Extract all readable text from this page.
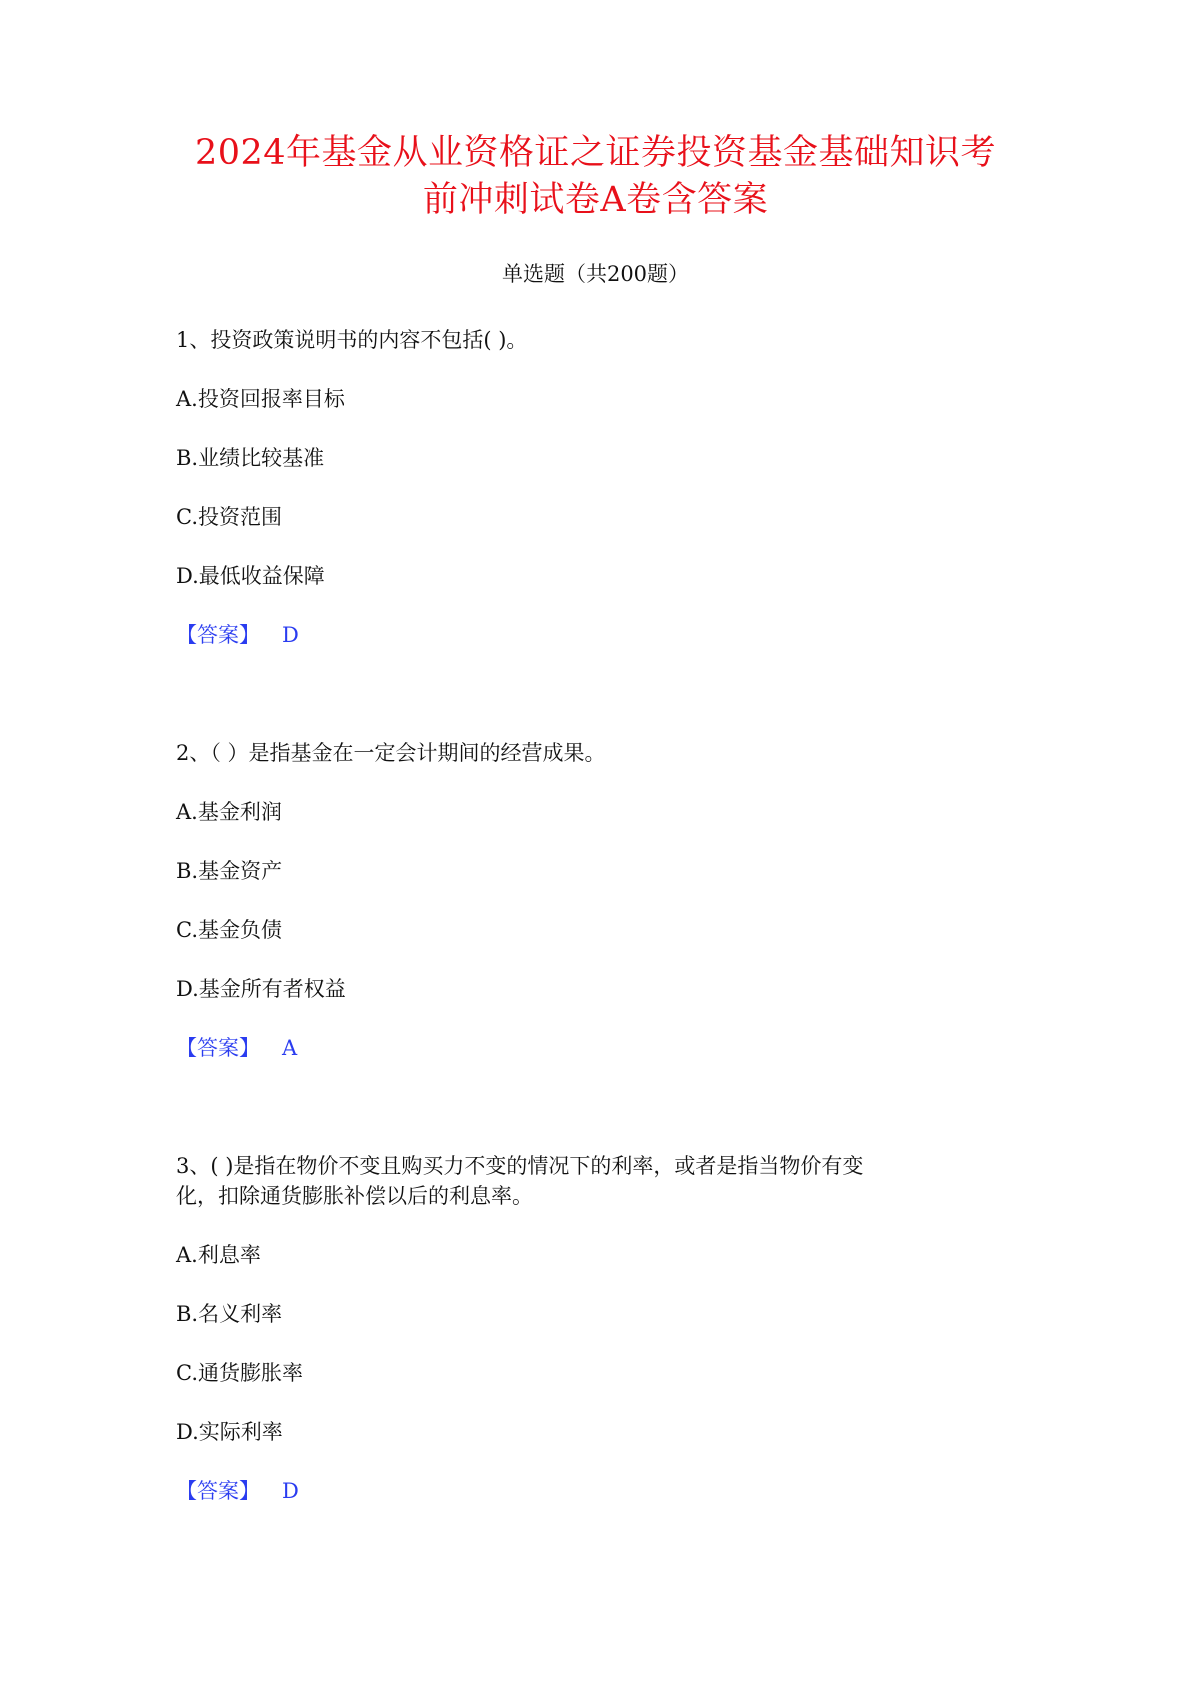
2024年基金从业资格证之证券投资基金基础知识考
前冲刺试卷A卷含答案
单选题（共200题）
1、投资政策说明书的内容不包括( )。
A.投资回报率目标
B.业绩比较基准
C.投资范围
D.最低收益保障
【答案】 D
2、（ ）是指基金在一定会计期间的经营成果。
A.基金利润
B.基金资产
C.基金负债
D.基金所有者权益
【答案】 A
3、( )是指在物价不变且购买力不变的情况下的利率，或者是指当物价有变
化，扣除通货膨胀补偿以后的利息率。
A.利息率
B.名义利率
C.通货膨胀率
D.实际利率
【答案】 D
